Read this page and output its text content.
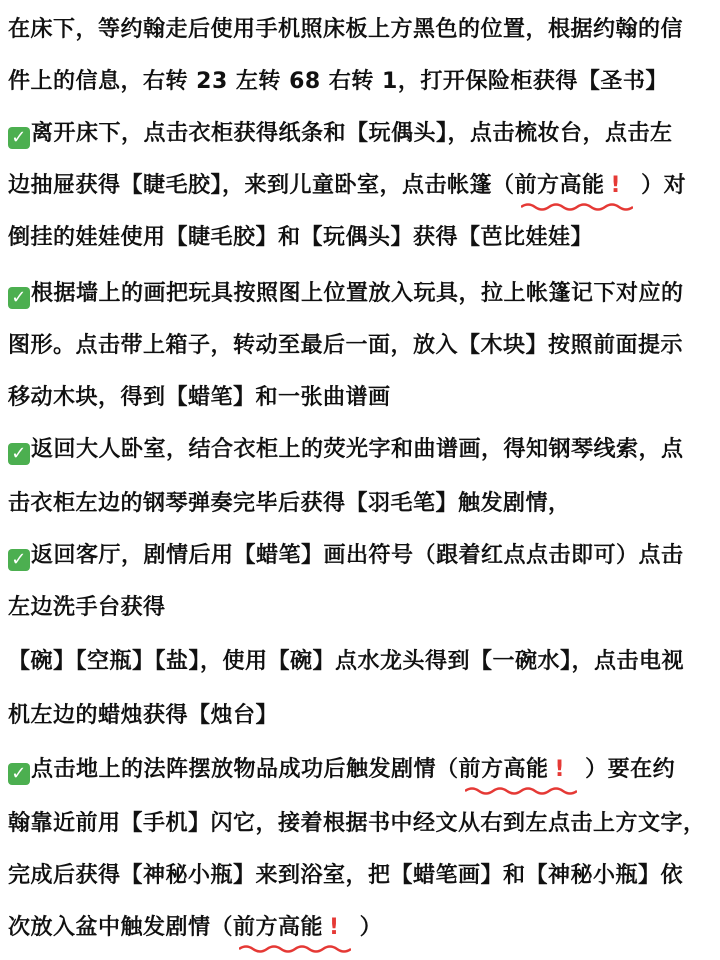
在床下，等约翰走后使用手机照床板上方黑色的位置，根据约翰的信
件上的信息，右转 23 左转 68 右转 1，打开保险柜获得【圣书】
✓ 离开床下，点击衣柜获得纸条和【玩偶头】，点击梳妆台，点击左
边抽屉获得【睫毛胶】，来到儿童卧室，点击帐篷（前方高能 ! ）对
倒挂的娃娃使用【睫毛胶】和【玩偶头】获得【芭比娃娃】
✓ 根据墙上的画把玩具按照图上位置放入玩具，拉上帐篷记下对应的
图形。点击带上箱子，转动至最后一面，放入【木块】按照前面提示
移动木块，得到【蜡笔】和一张曲谱画
✓ 返回大人卧室，结合衣柜上的荧光字和曲谱画，得知钢琴线索，点
击衣柜左边的钢琴弹奏完毕后获得【羽毛笔】触发剧情，
✓ 返回客厅，剧情后用【蜡笔】画出符号（跟着红点点击即可）点击
左边洗手台获得
【碗】【空瓶】【盐】，使用【碗】点水龙头得到【一碗水】，点击电视
机左边的蜡烛获得【烛台】
✓ 点击地上的法阵摆放物品成功后触发剧情（前方高能 ! ）要在约
翰靠近前用【手机】闪它，接着根据书中经文从右到左点击上方文字，
完成后获得【神秘小瓶】来到浴室，把【蜡笔画】和【神秘小瓶】依
次放入盆中触发剧情（前方高能 ! ）
